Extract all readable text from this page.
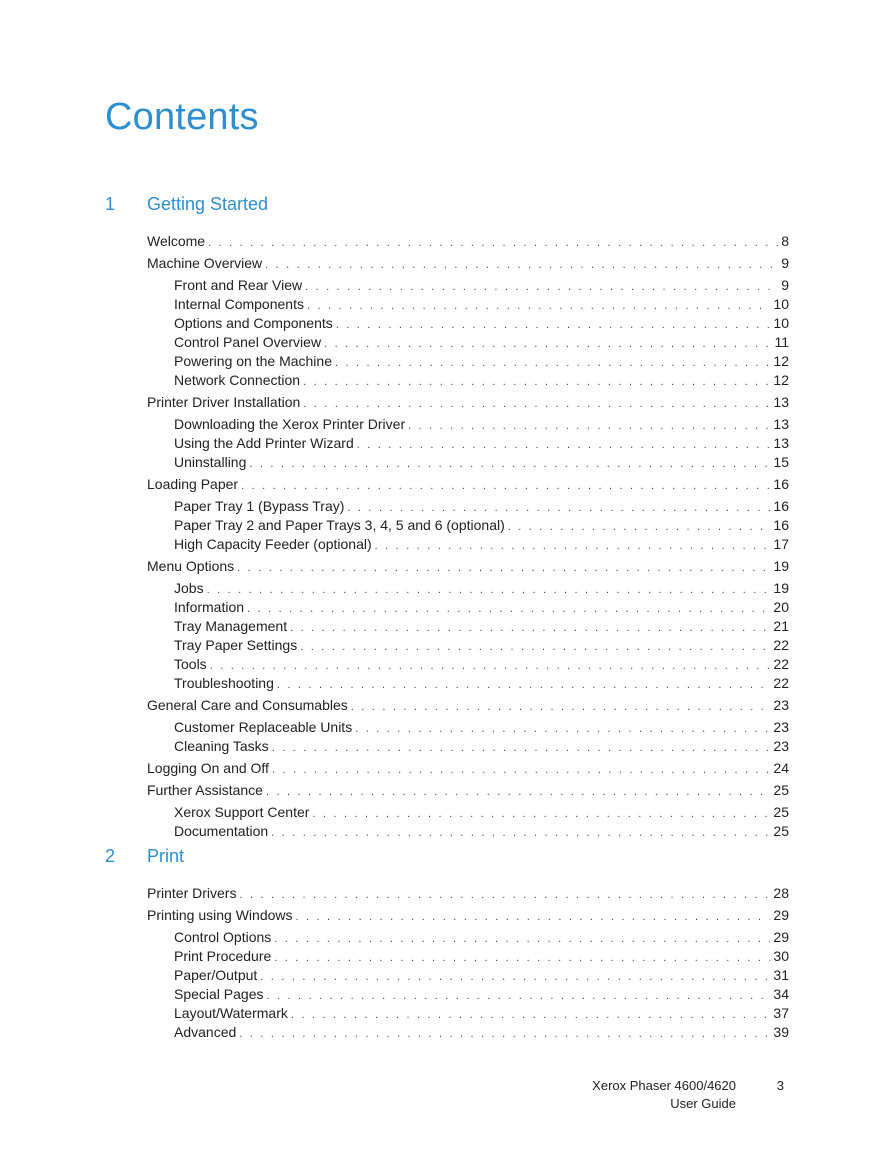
Contents
1 Getting Started
Welcome . . .	8
Machine Overview . . .	9
Front and Rear View . . .	9
Internal Components . . .	10
Options and Components . . .	10
Control Panel Overview . . .	11
Powering on the Machine . . .	12
Network Connection . . .	12
Printer Driver Installation . . .	13
Downloading the Xerox Printer Driver . . .	13
Using the Add Printer Wizard . . .	13
Uninstalling . . .	15
Loading Paper . . .	16
Paper Tray 1 (Bypass Tray) . . .	16
Paper Tray 2 and Paper Trays 3, 4, 5 and 6 (optional) . . .	16
High Capacity Feeder (optional) . . .	17
Menu Options . . .	19
Jobs . . .	19
Information . . .	20
Tray Management . . .	21
Tray Paper Settings . . .	22
Tools . . .	22
Troubleshooting . . .	22
General Care and Consumables . . .	23
Customer Replaceable Units . . .	23
Cleaning Tasks . . .	23
Logging On and Off . . .	24
Further Assistance . . .	25
Xerox Support Center . . .	25
Documentation . . .	25
2 Print
Printer Drivers . . .	28
Printing using Windows . . .	29
Control Options . . .	29
Print Procedure . . .	30
Paper/Output . . .	31
Special Pages . . .	34
Layout/Watermark . . .	37
Advanced . . .	39
Xerox Phaser 4600/4620
User Guide
3
